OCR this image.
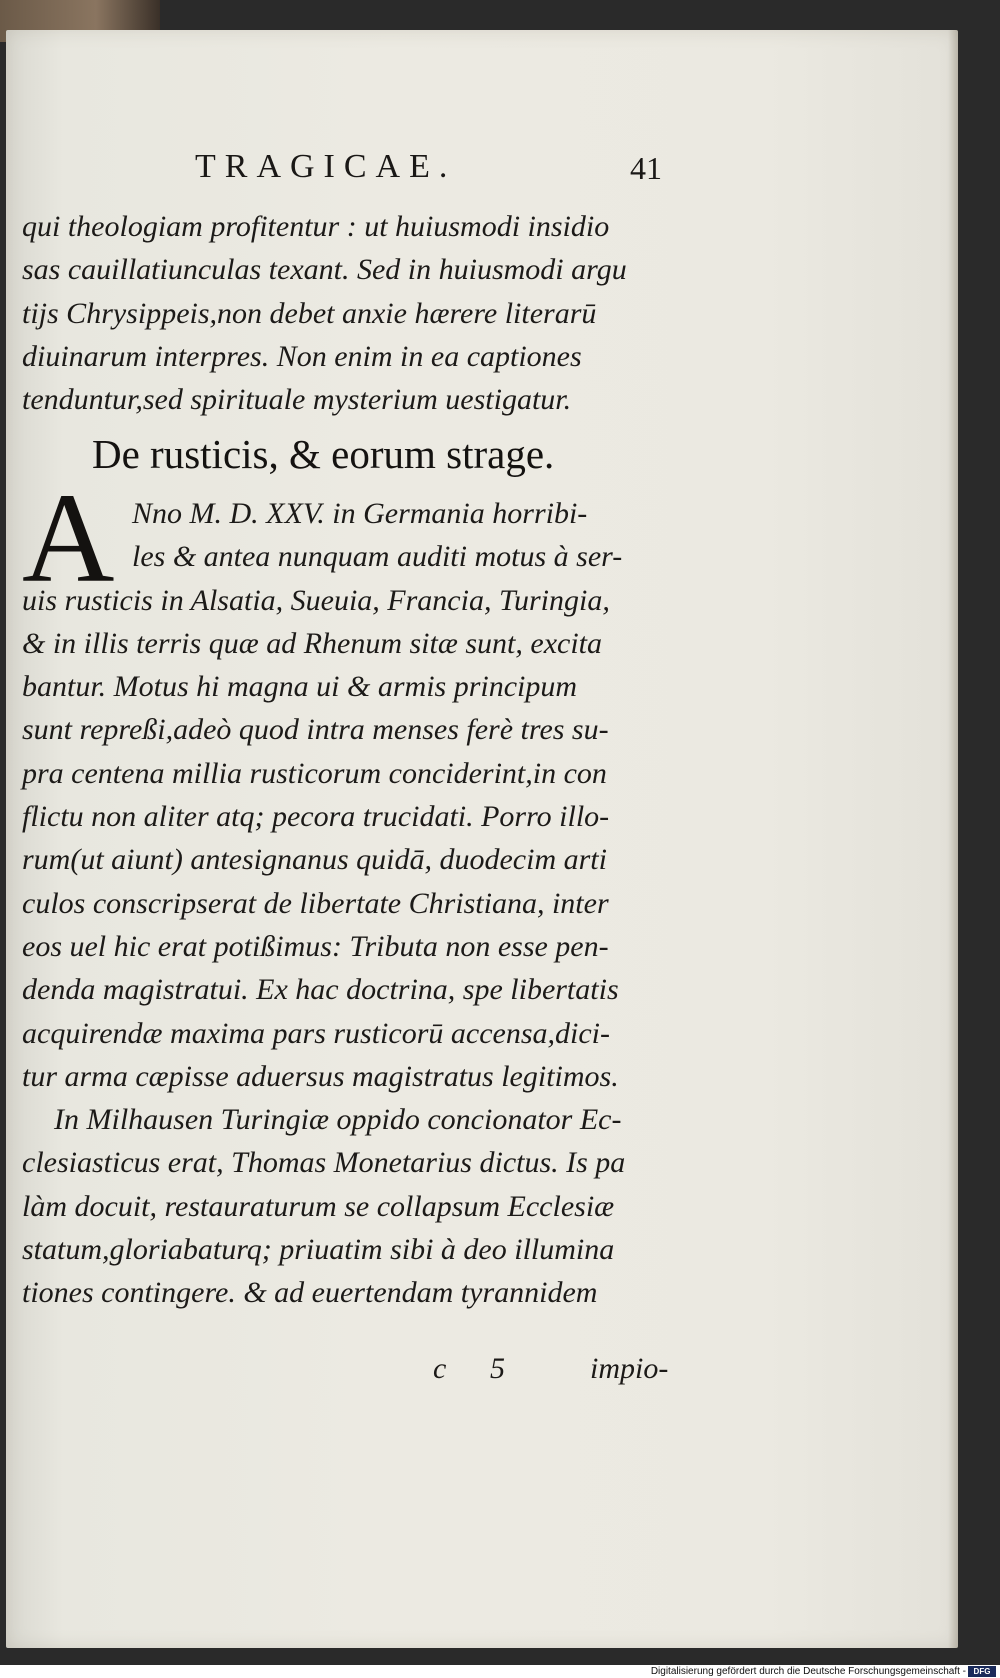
TRAGICAE.	41
qui theologiam profitentur : ut huiusmodi insidio
sas cauillatiunculas texant. Sed in huiusmodi argu
tijs Chrysippeis,non debet anxie hærere literarū
diuinarum interpres. Non enim in ea captiones
tenduntur,sed spirituale mysterium uestigatur.
De rusticis, & eorum strage.
A Nno M. D. XXV. in Germania horribi-
les & antea nunquam auditi motus à ser-
uis rusticis in Alsatia, Sueuia, Francia, Turingia,
& in illis terris quæ ad Rhenum sitæ sunt, excita
bantur. Motus hi magna ui & armis principum
sunt repreßi,adeò quod intra menses ferè tres su-
pra centena millia rusticorum conciderint,in con
flictu non aliter atq; pecora trucidati. Porro illo-
rum(ut aiunt) antesignanus quidā, duodecim arti
culos conscripserat de libertate Christiana, inter
eos uel hic erat potißimus: Tributa non esse pen-
denda magistratui. Ex hac doctrina, spe libertatis
acquirendæ maxima pars rusticorū accensa,dici-
tur arma cæpisse aduersus magistratus legitimos.
In Milhausen Turingiæ oppido concionator Ec-
clesiasticus erat, Thomas Monetarius dictus. Is pa
làm docuit, restauraturum se collapsum Ecclesiæ
statum,gloriabaturq; priuatim sibi à deo illumina
tiones contingere. & ad euertendam tyrannidem
c 5	impio-
Digitalisierung gefördert durch die Deutsche Forschungsgemeinschaft - DFG
